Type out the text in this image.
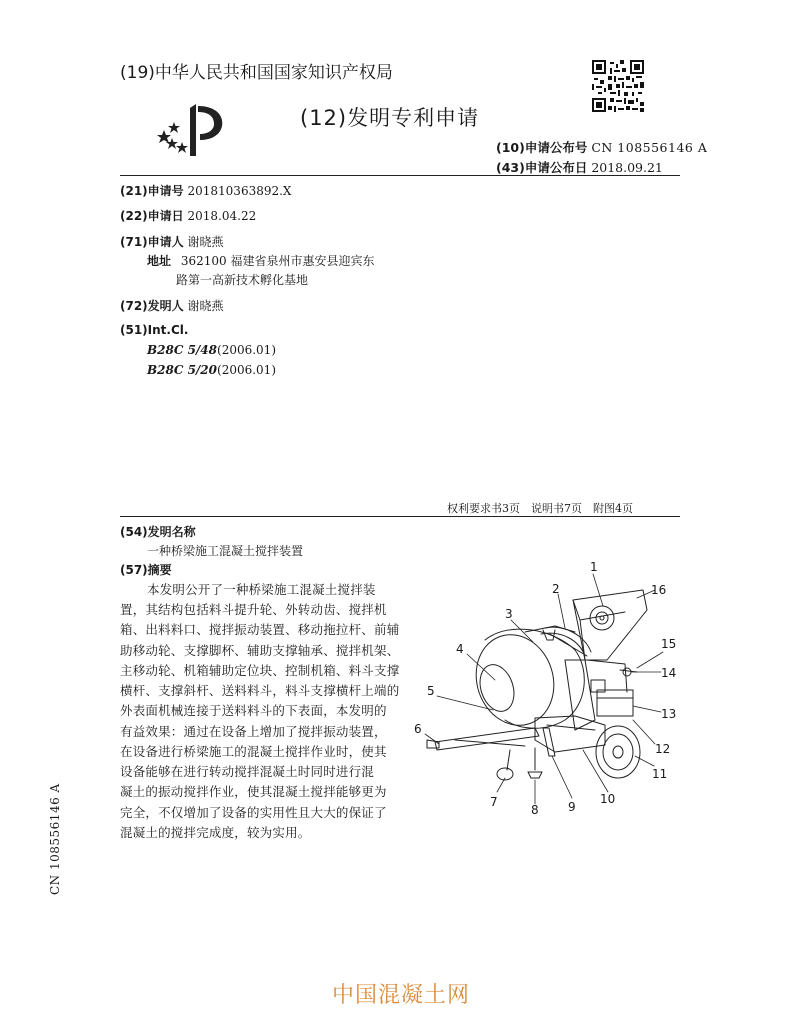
(19)中华人民共和国国家知识产权局
(12)发明专利申请
(10)申请公布号 CN 108556146 A
(43)申请公布日 2018.09.21
(21)申请号 201810363892.X
(22)申请日 2018.04.22
(71)申请人 谢晓燕
地址 362100 福建省泉州市惠安县迎宾东
路第一高新技术孵化基地
(72)发明人 谢晓燕
(51)Int.Cl.
B28C 5/48(2006.01)
B28C 5/20(2006.01)
权利要求书3页　说明书7页　附图4页
(54)发明名称
一种桥梁施工混凝土搅拌装置
(57)摘要
本发明公开了一种桥梁施工混凝土搅拌装
置，其结构包括料斗提升轮、外转动齿、搅拌机
箱、出料料口、搅拌振动装置、移动拖拉杆、前辅
助移动轮、支撑脚杯、辅助支撑轴承、搅拌机架、
主移动轮、机箱辅助定位块、控制机箱、料斗支撑
横杆、支撑斜杆、送料料斗，料斗支撑横杆上端的
外表面机械连接于送料料斗的下表面，本发明的
有益效果：通过在设备上增加了搅拌振动装置，
在设备进行桥梁施工的混凝土搅拌作业时，使其
设备能够在进行转动搅拌混凝土时同时进行混
凝土的振动搅拌作业，使其混凝土搅拌能够更为
完全，不仅增加了设备的实用性且大大的保证了
混凝土的搅拌完成度，较为实用。
1
2
3
4
5
6
7
8 9
10
11
12
13
14
15
16
CN 108556146 A
中国混凝土网
